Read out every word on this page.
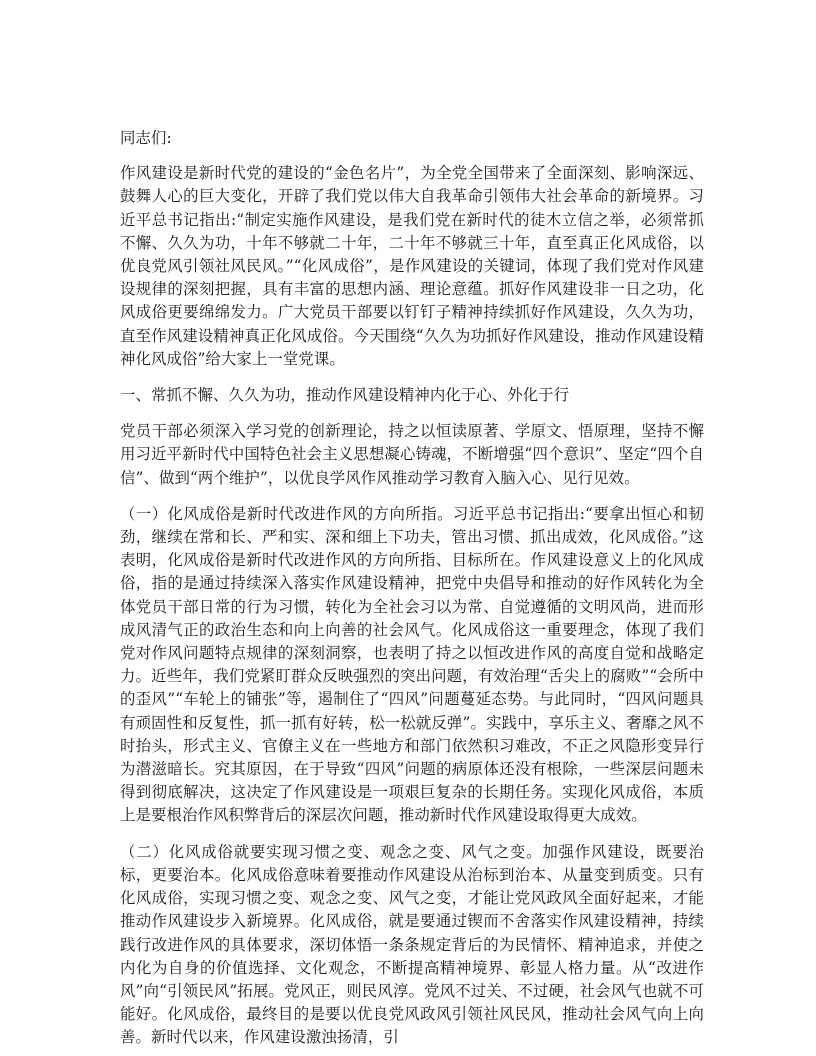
同志们:

作风建设是新时代党的建设的“金色名片”，为全党全国带来了全面深刻、影响深远、鼓舞人心的巨大变化，开辟了我们党以伟大自我革命引领伟大社会革命的新境界。习近平总书记指出:“制定实施作风建设，是我们党在新时代的徒木立信之举，必须常抓不懈、久久为功，十年不够就二十年，二十年不够就三十年，直至真正化风成俗，以优良党风引领社风民风。”“化风成俗”，是作风建设的关键词，体现了我们党对作风建设规律的深刻把握，具有丰富的思想内涵、理论意蕴。抓好作风建设非一日之功，化风成俗更要绵绵发力。广大党员干部要以钉钉子精神持续抓好作风建设，久久为功，直至作风建设精神真正化风成俗。今天围绕“久久为功抓好作风建设，推动作风建设精神化风成俗”给大家上一堂党课。

一、常抓不懈、久久为功，推动作风建设精神内化于心、外化于行

党员干部必须深入学习党的创新理论，持之以恒读原著、学原文、悟原理，坚持不懈用习近平新时代中国特色社会主义思想凝心铸魂，不断增强“四个意识”、坚定“四个自信”、做到“两个维护”，以优良学风作风推动学习教育入脑入心、见行见效。

（一）化风成俗是新时代改进作风的方向所指。习近平总书记指出:“要拿出恒心和韧劲，继续在常和长、严和实、深和细上下功夫，管出习惯、抓出成效，化风成俗。”这表明，化风成俗是新时代改进作风的方向所指、目标所在。作风建设意义上的化风成俗，指的是通过持续深入落实作风建设精神，把党中央倡导和推动的好作风转化为全体党员干部日常的行为习惯，转化为全社会习以为常、自觉遵循的文明风尚，进而形成风清气正的政治生态和向上向善的社会风气。化风成俗这一重要理念，体现了我们党对作风问题特点规律的深刻洞察，也表明了持之以恒改进作风的高度自觉和战略定力。近些年，我们党紧盯群众反映强烈的突出问题，有效治理“舌尖上的腐败”“会所中的歪风”“车轮上的铺张”等，遏制住了“四风”问题蔓延态势。与此同时，“四风问题具有顽固性和反复性，抓一抓有好转，松一松就反弹”。实践中，享乐主义、奢靡之风不时抬头，形式主义、官僚主义在一些地方和部门依然积习难改，不正之风隐形变异行为潜滋暗长。究其原因，在于导致“四风”问题的病原体还没有根除，一些深层问题未得到彻底解决，这决定了作风建设是一项艰巨复杂的长期任务。实现化风成俗，本质上是要根治作风积弊背后的深层次问题，推动新时代作风建设取得更大成效。

（二）化风成俗就要实现习惯之变、观念之变、风气之变。加强作风建设，既要治标，更要治本。化风成俗意味着要推动作风建设从治标到治本、从量变到质变。只有化风成俗，实现习惯之变、观念之变、风气之变，才能让党风政风全面好起来，才能推动作风建设步入新境界。化风成俗，就是要通过锲而不舍落实作风建设精神，持续践行改进作风的具体要求，深切体悟一条条规定背后的为民情怀、精神追求，并使之内化为自身的价值选择、文化观念，不断提高精神境界、彰显人格力量。从“改进作风”向“引领民风”拓展。党风正，则民风淳。党风不过关、不过硬，社会风气也就不可能好。化风成俗，最终目的是要以优良党风政风引领社风民风，推动社会风气向上向善。新时代以来，作风建设激浊扬清，引
